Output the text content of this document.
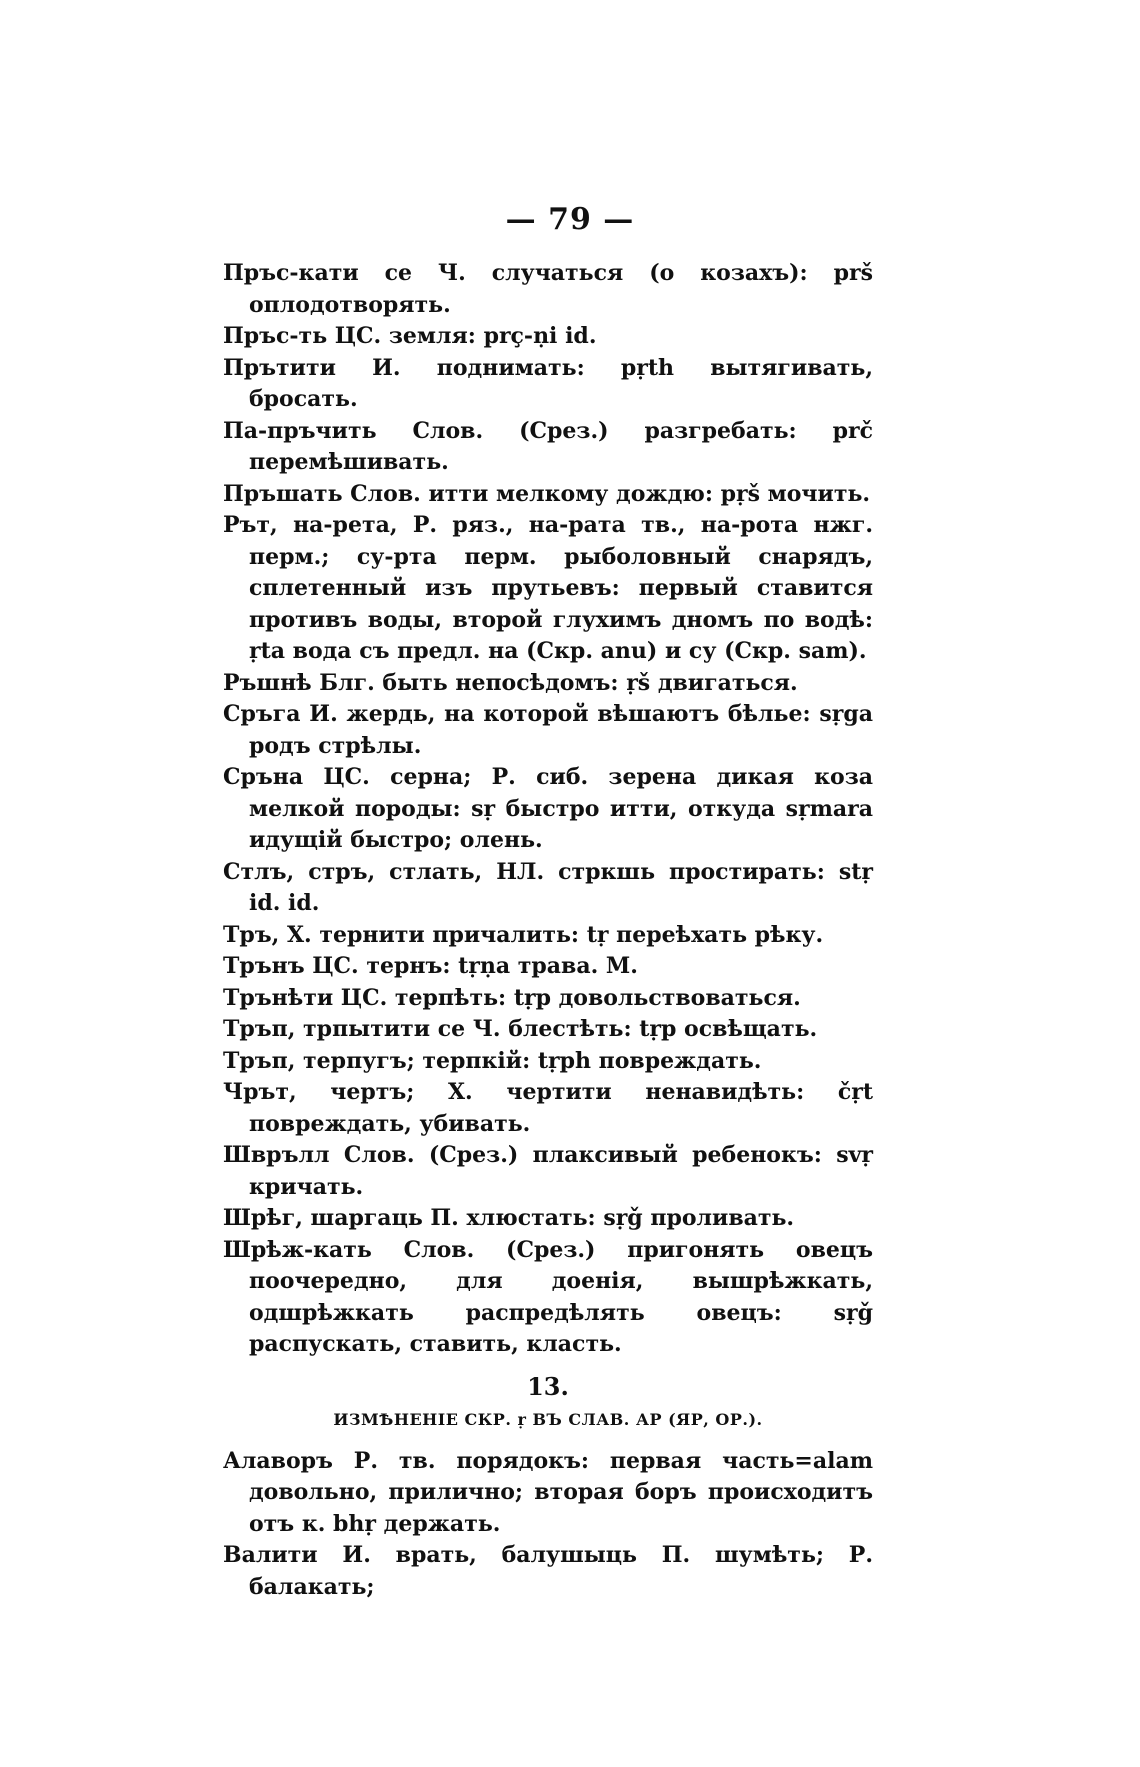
— 79 —

Пръс-кати се Ч. случаться (о козахъ): prš оплодотворять.

Пръс-ть ЦС. земля: prç-ṇi id.

Прътити И. поднимать: pṛth вытягивать, бросать.

Па-пръчить Слов. (Срез.) разгребать: prč перемѣшивать.

Пръшать Слов. итти мелкому дождю: pṛš мочить.

Рът, на-рета, Р. ряз., на-рата тв., на-рота нжг. перм.; су-рта перм. рыболовный снарядъ, сплетенный изъ прутьевъ: первый ставится противъ воды, второй глухимъ дномъ по водѣ: ṛta вода съ предл. на (Скр. anu) и су (Скр. sam).

Ръшнѣ Блг. быть непосѣдомъ: ṛš двигаться.

Сръга И. жердь, на которой вѣшаютъ бѣлье: sṛga родъ стрѣлы.

Сръна ЦС. серна; Р. сиб. зерена дикая коза мелкой породы: sṛ быстро итти, откуда sṛmara идущій быстро; олень.

Стлъ, стръ, стлать, НЛ. стркшь простирать: stṛ id. id.

Тръ, Х. тернити причалить: tṛ переѣхать рѣку.

Трънъ ЦС. тернъ: tṛṇa трава. М.

Трънѣти ЦС. терпѣть: tṛp довольствоваться.

Тръп, трпытити се Ч. блестѣть: tṛp освѣщать.

Тръп, терпугъ; терпкій: tṛph повреждать.

Чрът, чертъ; Х. чертити ненавидѣть: čṛt повреждать, убивать.

Шврълл Слов. (Срез.) плаксивый ребенокъ: svṛ кричать.

Шрѣг, шаргаць П. хлюстать: sṛǧ проливать.

Шрѣж-кать Слов. (Срез.) пригонять овецъ поочередно, для доенія, вышрѣжкать, одшрѣжкать распредѣлять овецъ: sṛǧ распускать, ставить, класть.

13.
ИЗМѢНЕНІЕ СКР. ṛ ВЪ СЛАВ. АР (ЯР, ОР.).

Алаворъ Р. тв. порядокъ: первая часть=alam довольно, прилично; вторая боръ происходитъ отъ к. bhṛ держать.

Валити И. врать, балушыць П. шумѣть; Р. балакать;
